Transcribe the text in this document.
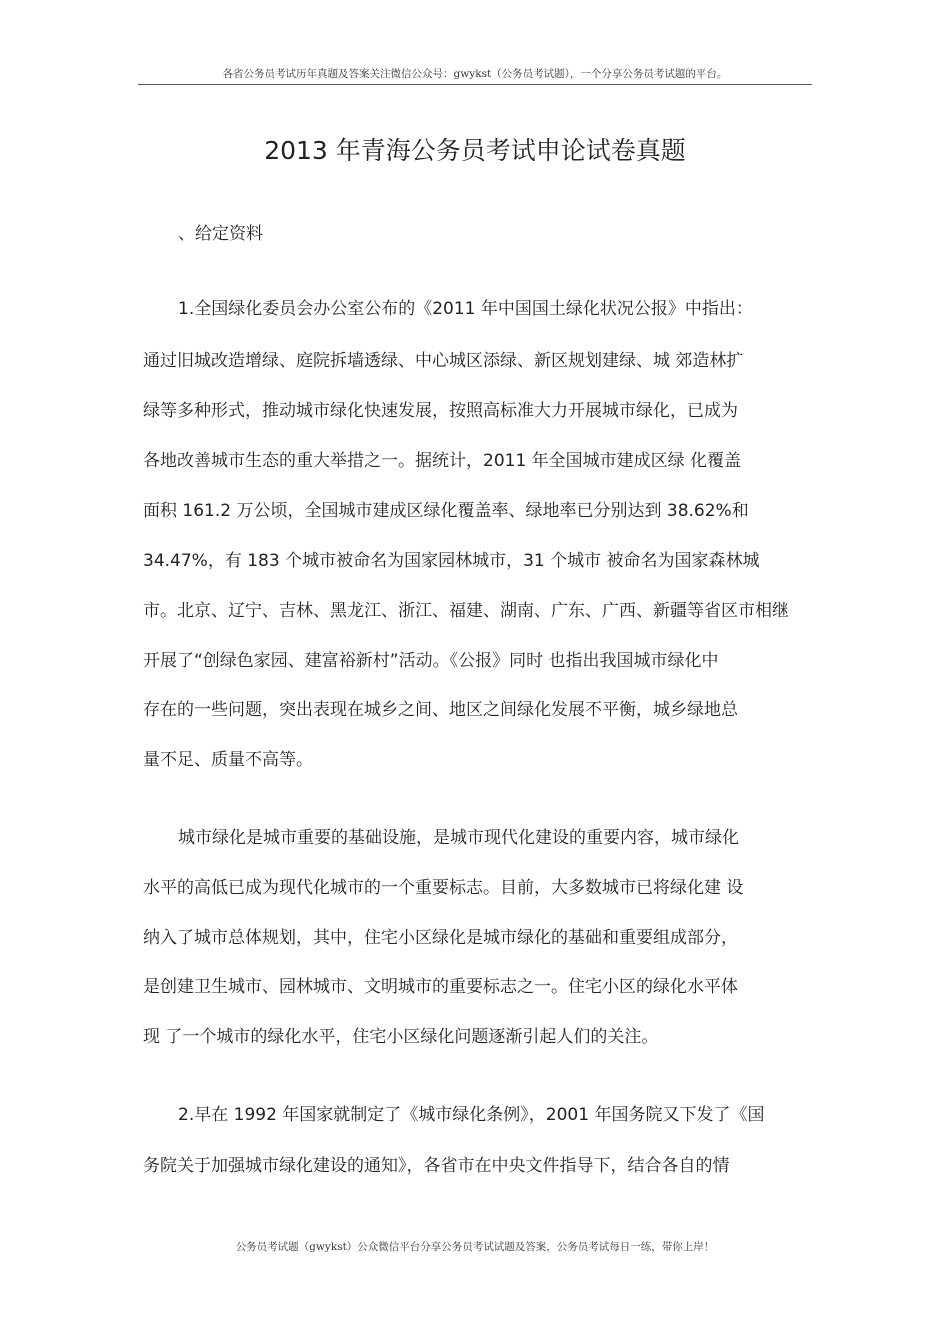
各省公务员考试历年真题及答案关注微信公众号：gwykst（公务员考试题），一个分享公务员考试题的平台。
2013 年青海公务员考试申论试卷真题
、给定资料
1.全国绿化委员会办公室公布的《2011 年中国国土绿化状况公报》中指出：
通过旧城改造增绿、庭院拆墙透绿、中心城区添绿、新区规划建绿、城 郊造林扩
绿等多种形式，推动城市绿化快速发展，按照高标准大力开展城市绿化，已成为
各地改善城市生态的重大举措之一。据统计，2011 年全国城市建成区绿 化覆盖
面积 161.2 万公顷，全国城市建成区绿化覆盖率、绿地率已分别达到 38.62%和
34.47%，有 183 个城市被命名为国家园林城市，31 个城市 被命名为国家森林城
市。北京、辽宁、吉林、黑龙江、浙江、福建、湖南、广东、广西、新疆等省区市相继
开展了“创绿色家园、建富裕新村”活动。《公报》同时 也指出我国城市绿化中
存在的一些问题，突出表现在城乡之间、地区之间绿化发展不平衡，城乡绿地总
量不足、质量不高等。
城市绿化是城市重要的基础设施，是城市现代化建设的重要内容，城市绿化
水平的高低已成为现代化城市的一个重要标志。目前，大多数城市已将绿化建 设
纳入了城市总体规划，其中，住宅小区绿化是城市绿化的基础和重要组成部分，
是创建卫生城市、园林城市、文明城市的重要标志之一。住宅小区的绿化水平体
现 了一个城市的绿化水平，住宅小区绿化问题逐渐引起人们的关注。
2.早在 1992 年国家就制定了《城市绿化条例》，2001 年国务院又下发了《国
务院关于加强城市绿化建设的通知》，各省市在中央文件指导下，结合各自的情
公务员考试题（gwykst）公众微信平台分享公务员考试试题及答案，公务员考试每日一练，带你上岸！
